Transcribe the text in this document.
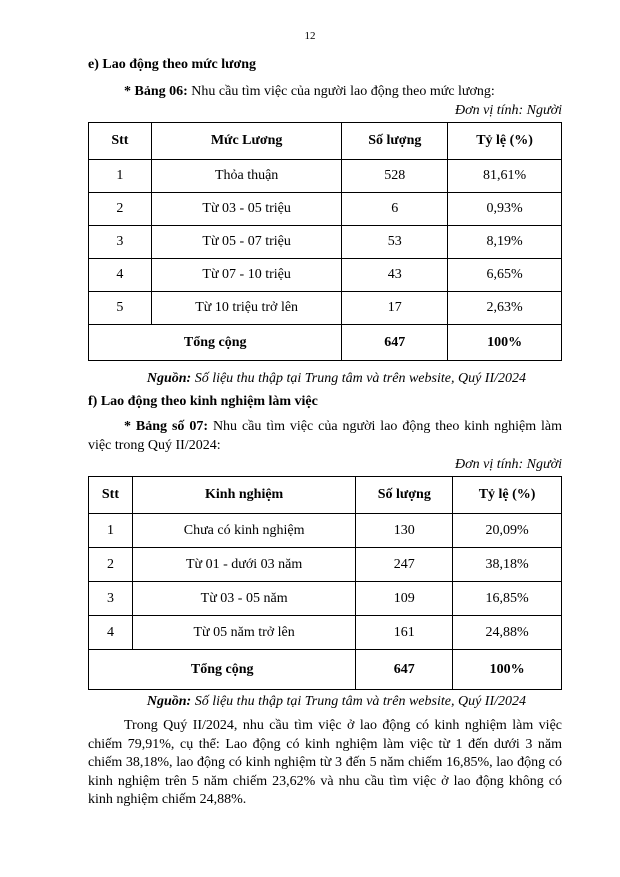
12
e) Lao động theo mức lương
* Bảng 06: Nhu cầu tìm việc của người lao động theo mức lương:
Đơn vị tính: Người
Stt	Mức Lương	Số lượng	Tỷ lệ (%)
1	Thỏa thuận	528	81,61%
2	Từ 03 - 05 triệu	6	0,93%
3	Từ 05 - 07 triệu	53	8,19%
4	Từ 07 - 10 triệu	43	6,65%
5	Từ 10 triệu trở lên	17	2,63%
Tổng cộng		647	100%
Nguồn: Số liệu thu thập tại Trung tâm và trên website, Quý II/2024
f) Lao động theo kinh nghiệm làm việc
* Bảng số 07: Nhu cầu tìm việc của người lao động theo kinh nghiệm làm việc trong Quý II/2024:
Đơn vị tính: Người
Stt	Kinh nghiệm	Số lượng	Tỷ lệ (%)
1	Chưa có kinh nghiệm	130	20,09%
2	Từ 01 - dưới 03 năm	247	38,18%
3	Từ 03 - 05 năm	109	16,85%
4	Từ 05 năm trở lên	161	24,88%
Tổng cộng		647	100%
Nguồn: Số liệu thu thập tại Trung tâm và trên website, Quý II/2024
Trong Quý II/2024, nhu cầu tìm việc ở lao động có kinh nghiệm làm việc chiếm 79,91%, cụ thể: Lao động có kinh nghiệm làm việc từ 1 đến dưới 3 năm chiếm 38,18%, lao động có kinh nghiệm từ 3 đến 5 năm chiếm 16,85%, lao động có kinh nghiệm trên 5 năm chiếm 23,62% và nhu cầu tìm việc ở lao động không có kinh nghiệm chiếm 24,88%.
